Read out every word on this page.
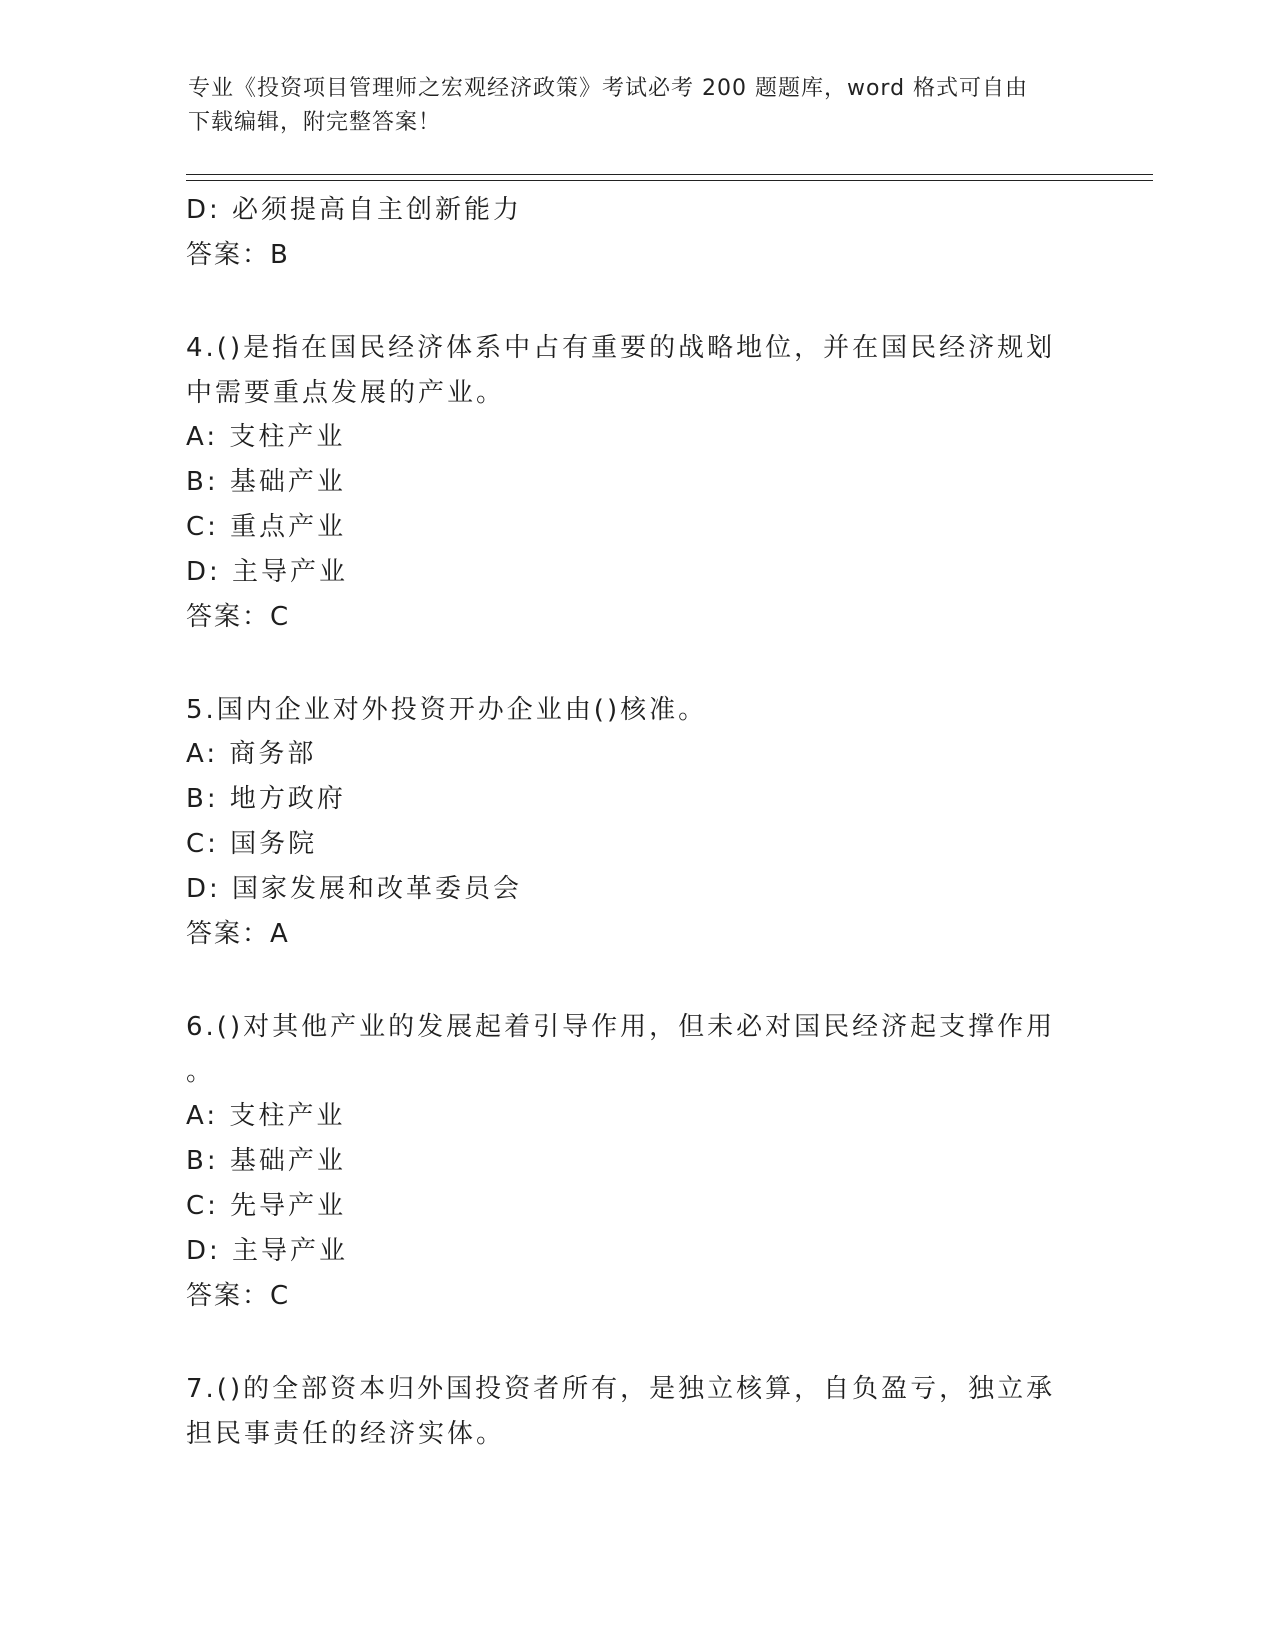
专业《投资项目管理师之宏观经济政策》考试必考 200 题题库，word 格式可自由
下载编辑，附完整答案！
D: 必须提高自主创新能力
答案：B
4.()是指在国民经济体系中占有重要的战略地位，并在国民经济规划
中需要重点发展的产业。
A: 支柱产业
B: 基础产业
C: 重点产业
D: 主导产业
答案：C
5.国内企业对外投资开办企业由()核准。
A: 商务部
B: 地方政府
C: 国务院
D: 国家发展和改革委员会
答案：A
6.()对其他产业的发展起着引导作用，但未必对国民经济起支撑作用
。
A: 支柱产业
B: 基础产业
C: 先导产业
D: 主导产业
答案：C
7.()的全部资本归外国投资者所有，是独立核算，自负盈亏，独立承
担民事责任的经济实体。
